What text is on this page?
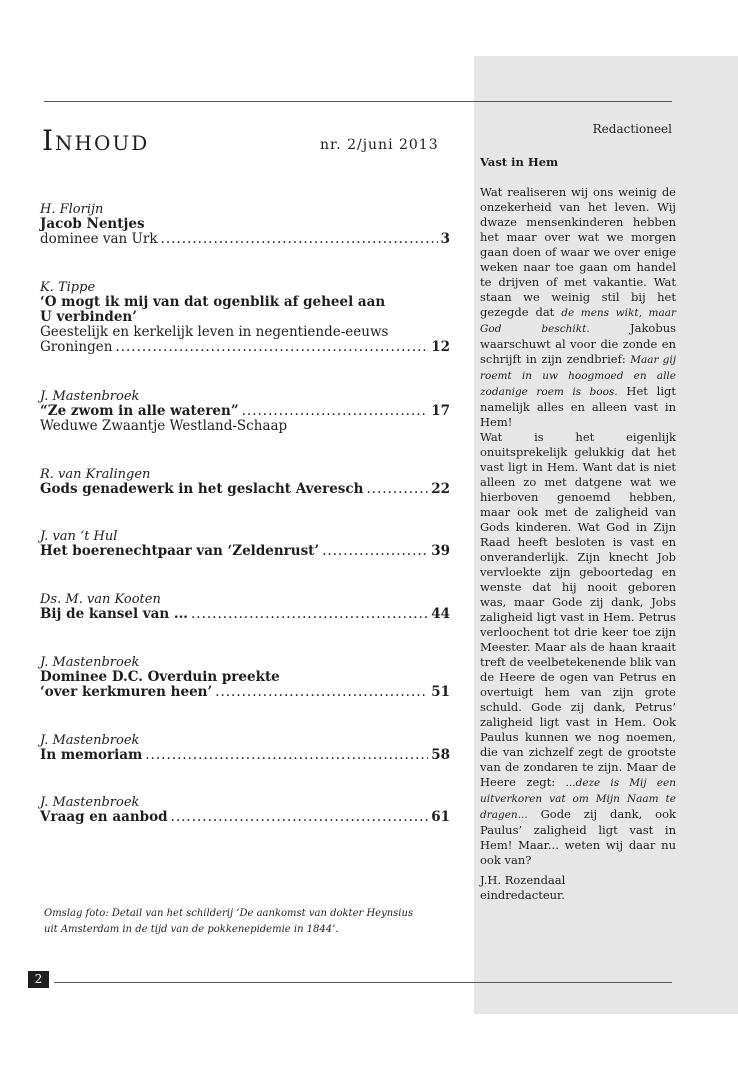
Inhoud	nr. 2/juni 2013
H. Florijn
Jacob Nentjes
dominee van Urk .....	3
K. Tippe
‘O mogt ik mij van dat ogenblik af geheel aan
U verbinden’
Geestelijk en kerkelijk leven in negentiende-eeuws
Groningen .....	12
J. Mastenbroek
“Ze zwom in alle wateren” .....	17
Weduwe Zwaantje Westland-Schaap
R. van Kralingen
Gods genadewerk in het geslacht Averesch .....	22
J. van ‘t Hul
Het boerenechtpaar van ‘Zeldenrust’ .....	39
Ds. M. van Kooten
Bij de kansel van ... .....	44
J. Mastenbroek
Dominee D.C. Overduin preekte
‘over kerkmuren heen’ .....	51
J. Mastenbroek
In memoriam .....	58
J. Mastenbroek
Vraag en aanbod .....	61
Omslag foto: Detail van het schilderij ‘De aankomst van dokter Heynsius uit Amsterdam in de tijd van de pokkenepidemie in 1844’.
Redactioneel
Vast in Hem
Wat realiseren wij ons weinig de onzekerheid van het leven. Wij dwaze mensenkinderen hebben het maar over wat we morgen gaan doen of waar we over enige weken naar toe gaan om handel te drijven of met vakantie. Wat staan we weinig stil bij het gezegde dat de mens wikt, maar God beschikt. Jakobus waarschuwt al voor die zonde en schrijft in zijn zendbrief: Maar gij roemt in uw hoogmoed en alle zodanige roem is boos. Het ligt namelijk alles en alleen vast in Hem!
Wat is het eigenlijk onuitsprekelijk gelukkig dat het vast ligt in Hem. Want dat is niet alleen zo met datgene wat we hierboven genoemd hebben, maar ook met de zaligheid van Gods kinderen. Wat God in Zijn Raad heeft besloten is vast en onveranderlijk. Zijn knecht Job vervloekte zijn geboortedag en wenste dat hij nooit geboren was, maar Gode zij dank, Jobs zaligheid ligt vast in Hem. Petrus verloochent tot drie keer toe zijn Meester. Maar als de haan kraait treft de veelbetekenende blik van de Heere de ogen van Petrus en overtuigt hem van zijn grote schuld. Gode zij dank, Petrus’ zaligheid ligt vast in Hem. Ook Paulus kunnen we nog noemen, die van zichzelf zegt de grootste van de zondaren te zijn. Maar de Heere zegt: ...deze is Mij een uitverkoren vat om Mijn Naam te dragen... Gode zij dank, ook Paulus’ zaligheid ligt vast in Hem! Maar... weten wij daar nu ook van?
J.H. Rozendaal
eindredacteur.
2
